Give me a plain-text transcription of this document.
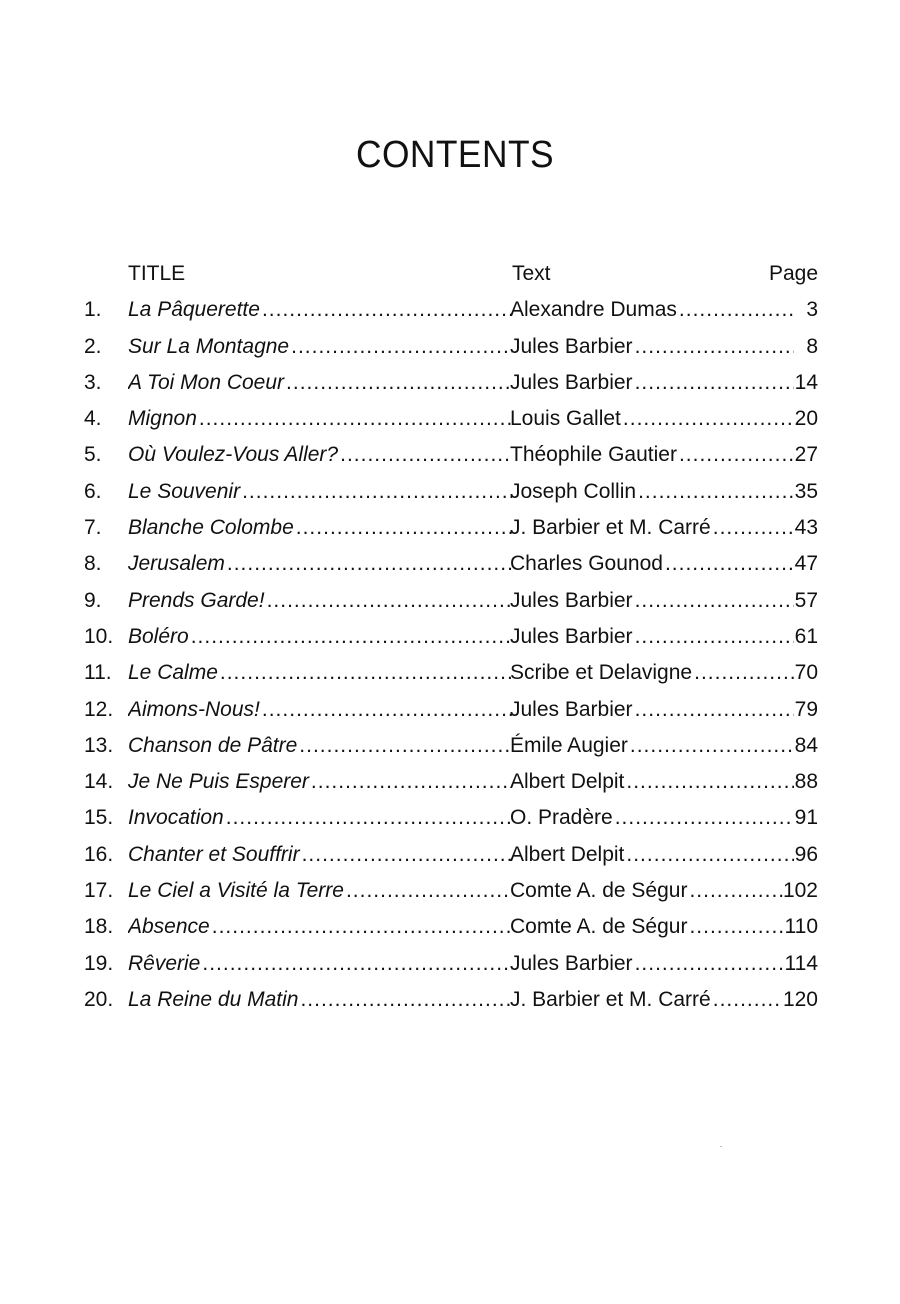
CONTENTS
TITLE	Text	Page
1.	La Pâquerette .....	Alexandre Dumas .....	3
2.	Sur La Montagne .....	Jules Barbier .....	8
3.	A Toi Mon Coeur .....	Jules Barbier .....	14
4.	Mignon .....	Louis Gallet .....	20
5.	Où Voulez-Vous Aller? .....	Théophile Gautier .....	27
6.	Le Souvenir .....	Joseph Collin .....	35
7.	Blanche Colombe .....	J. Barbier et M. Carré .....	43
8.	Jerusalem .....	Charles Gounod .....	47
9.	Prends Garde! .....	Jules Barbier .....	57
10. Boléro .....	Jules Barbier .....	61
11. Le Calme .....	Scribe et Delavigne .....	70
12. Aimons-Nous! .....	Jules Barbier .....	79
13. Chanson de Pâtre .....	Émile Augier .....	84
14. Je Ne Puis Esperer .....	Albert Delpit .....	88
15. Invocation .....	O. Pradère .....	91
16. Chanter et Souffrir .....	Albert Delpit .....	96
17. Le Ciel a Visité la Terre .....	Comte A. de Ségur .....	102
18. Absence .....	Comte A. de Ségur .....	110
19. Rêverie .....	Jules Barbier .....	114
20. La Reine du Matin .....	J. Barbier et M. Carré .....	120
